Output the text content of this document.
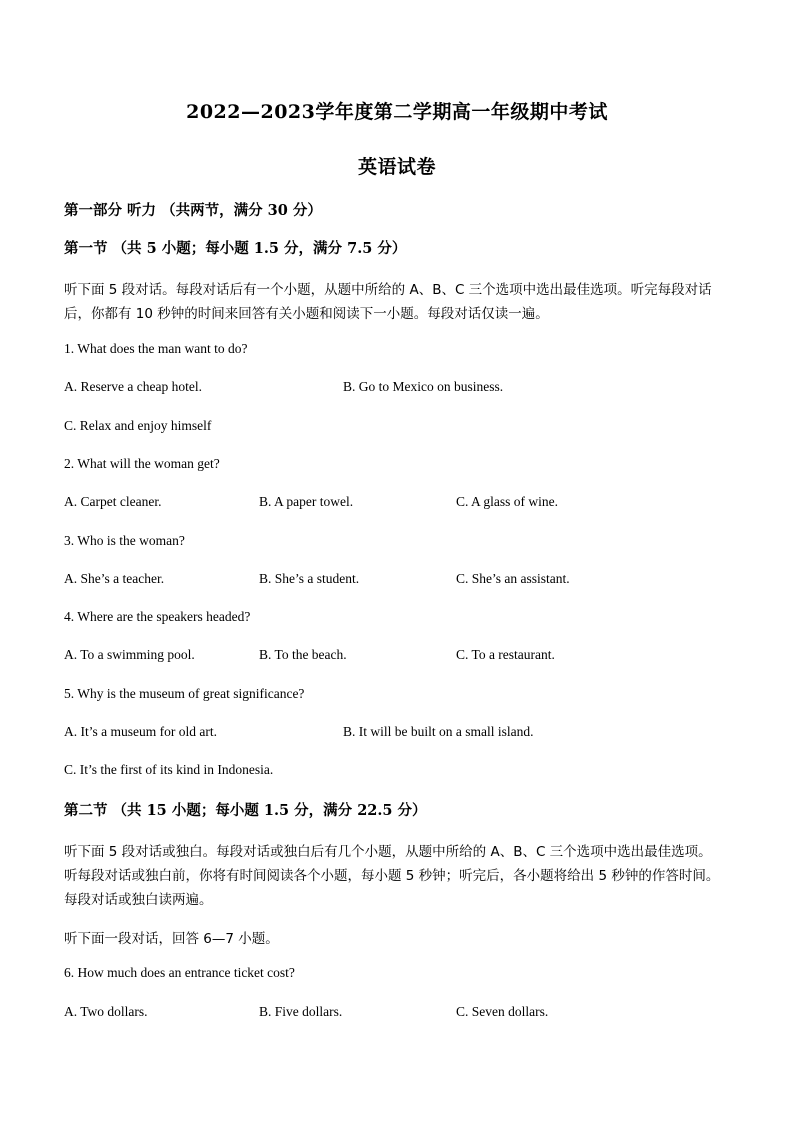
2022—2023学年度第二学期高一年级期中考试
英语试卷
第一部分 听力 （共两节，满分 30 分）
第一节 （共 5 小题；每小题 1.5 分，满分 7.5 分）
听下面 5 段对话。每段对话后有一个小题，从题中所给的 A、B、C 三个选项中选出最佳选项。听完每段对话
后，你都有 10 秒钟的时间来回答有关小题和阅读下一小题。每段对话仅读一遍。
1. What does the man want to do?
A. Reserve a cheap hotel.	B. Go to Mexico on business.
C. Relax and enjoy himself
2. What will the woman get?
A. Carpet cleaner.	B. A paper towel.	C. A glass of wine.
3. Who is the woman?
A. She’s a teacher.	B. She’s a student.	C. She’s an assistant.
4. Where are the speakers headed?
A. To a swimming pool.	B. To the beach.	C. To a restaurant.
5. Why is the museum of great significance?
A. It’s a museum for old art.	B. It will be built on a small island.
C. It’s the first of its kind in Indonesia.
第二节 （共 15 小题；每小题 1.5 分，满分 22.5 分）
听下面 5 段对话或独白。每段对话或独白后有几个小题，从题中所给的 A、B、C 三个选项中选出最佳选项。
听每段对话或独白前，你将有时间阅读各个小题，每小题 5 秒钟；听完后，各小题将给出 5 秒钟的作答时间。
每段对话或独白读两遍。
听下面一段对话，回答 6—7 小题。
6. How much does an entrance ticket cost?
A. Two dollars.	B. Five dollars.	C. Seven dollars.
